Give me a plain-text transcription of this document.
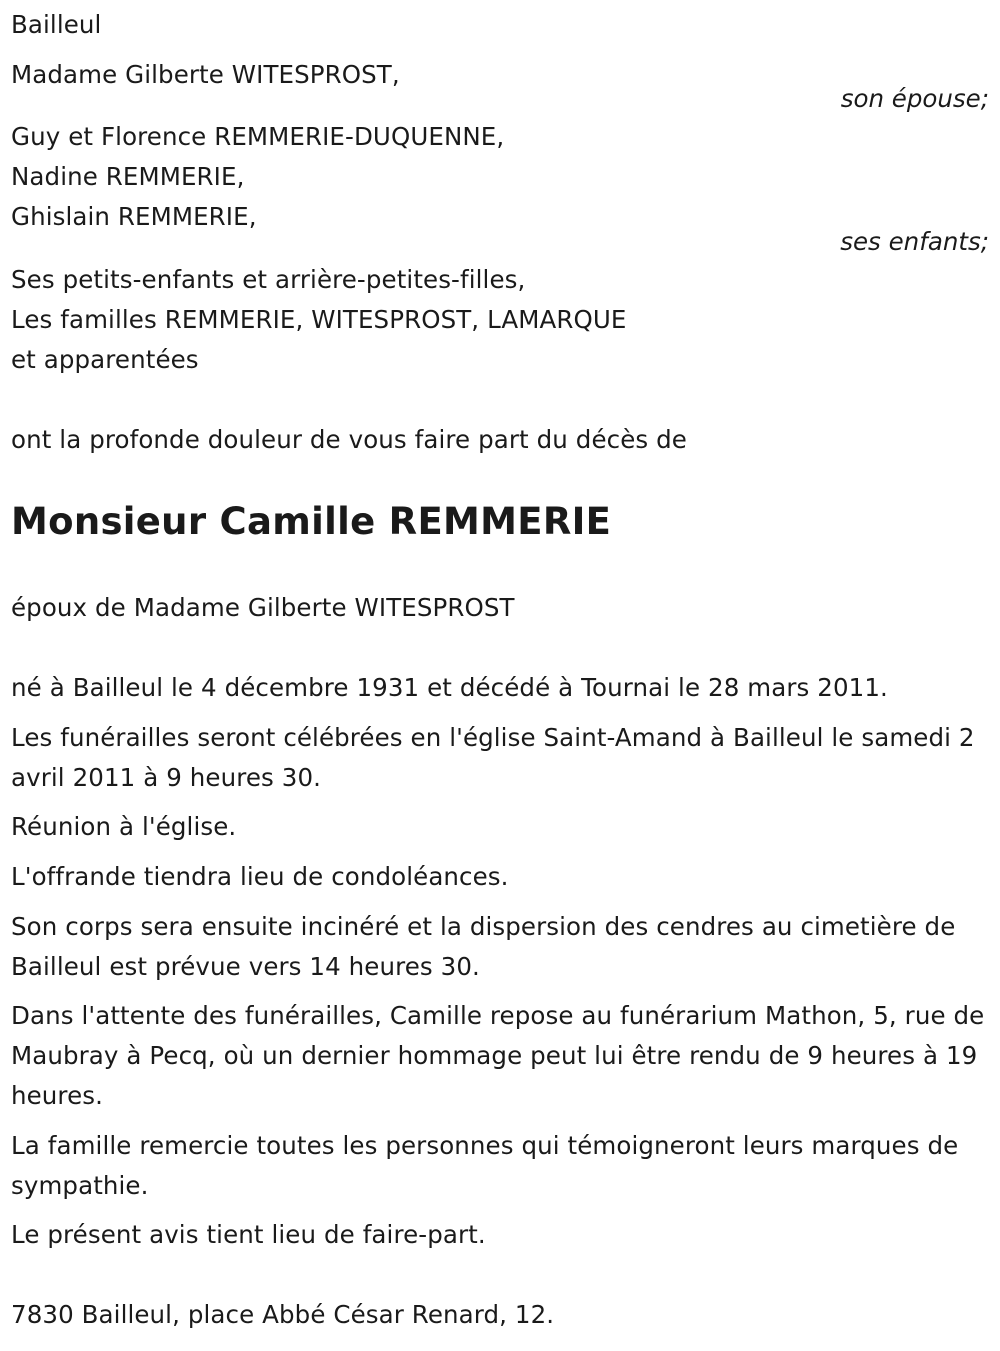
Bailleul
Madame Gilberte WITESPROST,
son épouse;
Guy et Florence REMMERIE-DUQUENNE,
Nadine REMMERIE,
Ghislain REMMERIE,
ses enfants;
Ses petits-enfants et arrière-petites-filles,
Les familles REMMERIE, WITESPROST, LAMARQUE
et apparentées
ont la profonde douleur de vous faire part du décès de
Monsieur Camille REMMERIE
époux de Madame Gilberte WITESPROST
né à Bailleul le 4 décembre 1931 et décédé à Tournai le 28 mars 2011.
Les funérailles seront célébrées en l'église Saint-Amand à Bailleul le samedi 2 avril 2011 à 9 heures 30.
Réunion à l'église.
L'offrande tiendra lieu de condoléances.
Son corps sera ensuite incinéré et la dispersion des cendres au cimetière de Bailleul est prévue vers 14 heures 30.
Dans l'attente des funérailles, Camille repose au funérarium Mathon, 5, rue de Maubray à Pecq, où un dernier hommage peut lui être rendu de 9 heures à 19 heures.
La famille remercie toutes les personnes qui témoigneront leurs marques de sympathie.
Le présent avis tient lieu de faire-part.
7830 Bailleul, place Abbé César Renard, 12.
